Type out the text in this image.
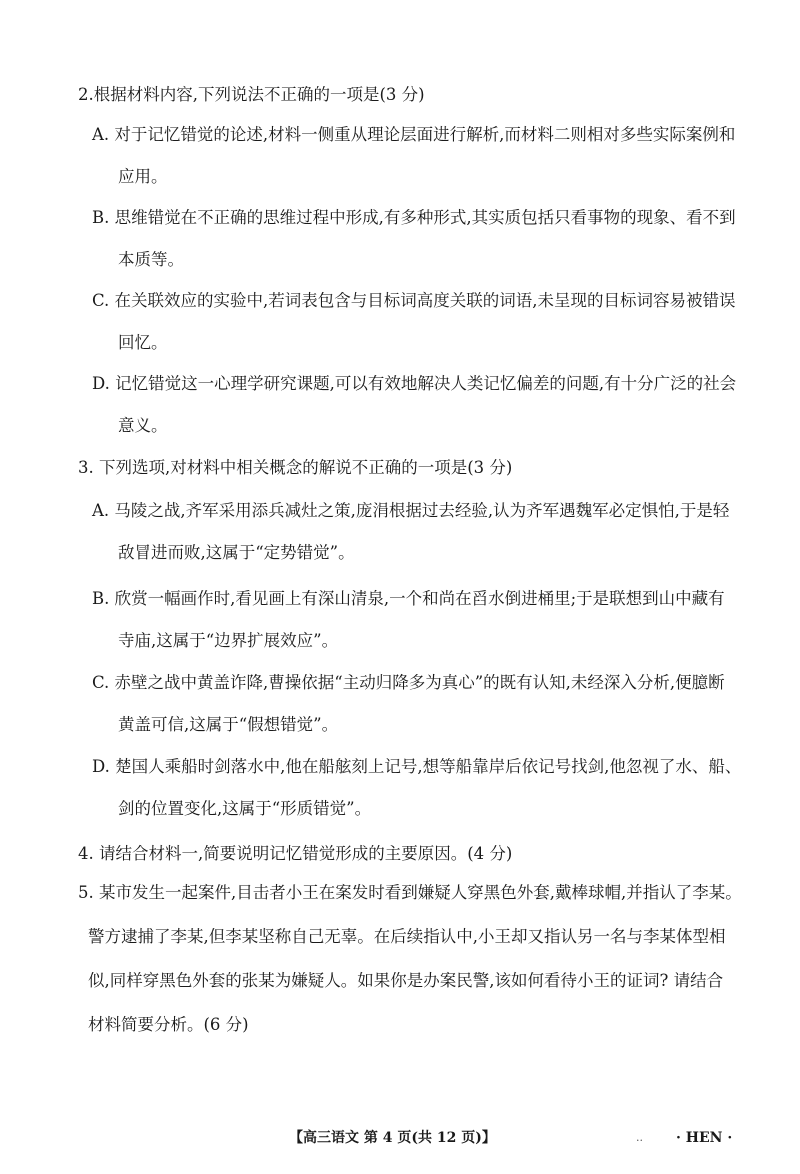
2.根据材料内容,下列说法不正确的一项是(3 分)
A. 对于记忆错觉的论述,材料一侧重从理论层面进行解析,而材料二则相对多些实际案例和
应用。
B. 思维错觉在不正确的思维过程中形成,有多种形式,其实质包括只看事物的现象、看不到
本质等。
C. 在关联效应的实验中,若词表包含与目标词高度关联的词语,未呈现的目标词容易被错误
回忆。
D. 记忆错觉这一心理学研究课题,可以有效地解决人类记忆偏差的问题,有十分广泛的社会
意义。
3. 下列选项,对材料中相关概念的解说不正确的一项是(3 分)
A. 马陵之战,齐军采用添兵减灶之策,庞涓根据过去经验,认为齐军遇魏军必定惧怕,于是轻
敌冒进而败,这属于“定势错觉”。
B. 欣赏一幅画作时,看见画上有深山清泉,一个和尚在舀水倒进桶里;于是联想到山中藏有
寺庙,这属于“边界扩展效应”。
C. 赤壁之战中黄盖诈降,曹操依据“主动归降多为真心”的既有认知,未经深入分析,便臆断
黄盖可信,这属于“假想错觉”。
D. 楚国人乘船时剑落水中,他在船舷刻上记号,想等船靠岸后依记号找剑,他忽视了水、船、
剑的位置变化,这属于“形质错觉”。
4. 请结合材料一,简要说明记忆错觉形成的主要原因。(4 分)
5. 某市发生一起案件,目击者小王在案发时看到嫌疑人穿黑色外套,戴棒球帽,并指认了李某。
警方逮捕了李某,但李某坚称自己无辜。在后续指认中,小王却又指认另一名与李某体型相
似,同样穿黑色外套的张某为嫌疑人。如果你是办案民警,该如何看待小王的证词? 请结合
材料简要分析。(6 分)
【高三语文 第 4 页(共 12 页)】	.. · HEN ·
